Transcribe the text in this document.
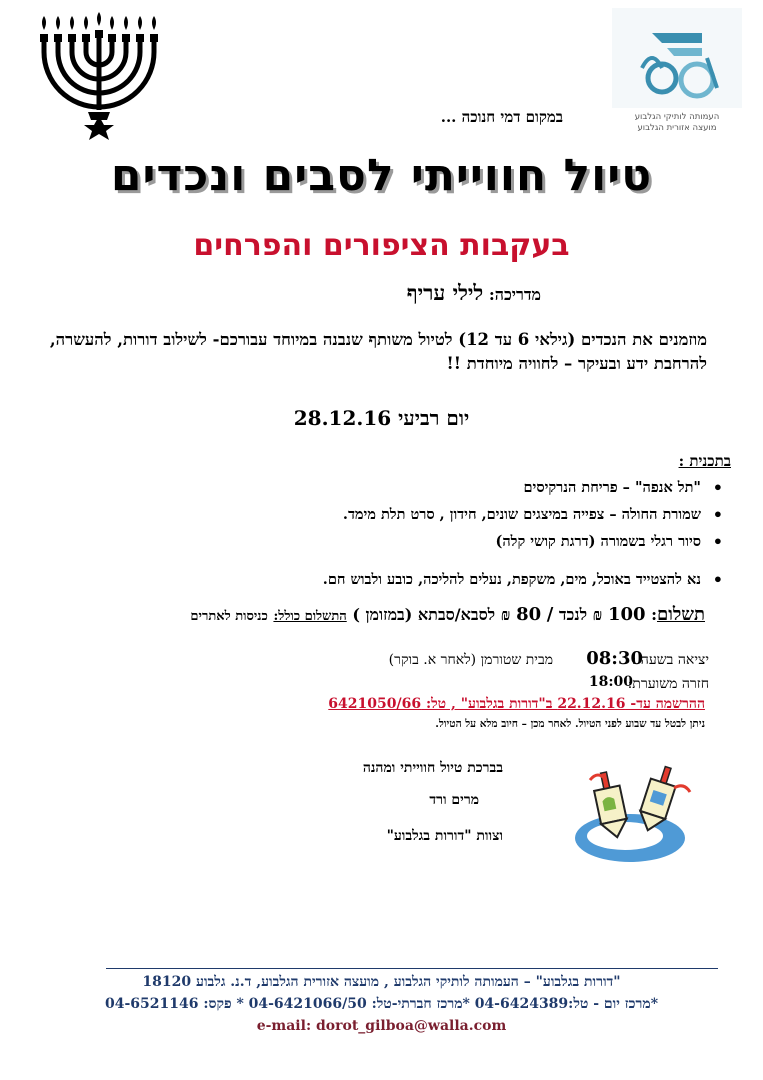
העמותה לותיקי הגלבוע
מועצה אזורית הגלבוע
במקום דמי חנוכה ...
טיול חווייתי לסבים ונכדים
בעקבות הציפורים והפרחים
מדריכה: לילי עריף
מוזמנים את הנכדים (גילאי 6 עד 12) לטיול משותף שנבנה במיוחד עבורכם- לשילוב דורות, להעשרה, להרחבת ידע ובעיקר – לחוויה מיוחדת !!
יום רביעי 28.12.16
בתכנית :
• "תל אנפה" – פריחת הנרקיסים
• שמורת החולה – צפייה במיצגים שונים, חידון , סרט תלת מימד.
• סיור רגלי בשמורה (דרגת קושי קלה)
• נא להצטייד באוכל, מים, משקפת, נעלים להליכה, כובע ולבוש חם.
תשלום: 100 ₪ לנכד / 80 ₪ לסבא/סבתא (במזומן ) התשלום כולל: כניסות לאתרים
יציאה בשעה :
08:30
מבית שטורמן (לאחר א. בוקר)
חזרה משוערת:
18:00
ההרשמה עד- 22.12.16 ב"דורות בגלבוע" , טל: 6421050/66
ניתן לבטל עד שבוע לפני הטיול. לאחר מכן – חיוב מלא על הטיול.
בברכת טיול חווייתי ומהנה
מרים ורד
וצוות "דורות בגלבוע"
"דורות בגלבוע" – העמותה לותיקי הגלבוע , מועצה אזורית הגלבוע, ד.נ. גלבוע 18120
*מרכז יום - טל:04-6424389 *מרכז חברתי-טל: 04-6421066/50 * פקס: 04-6521146
e-mail: dorot_gilboa@walla.com
